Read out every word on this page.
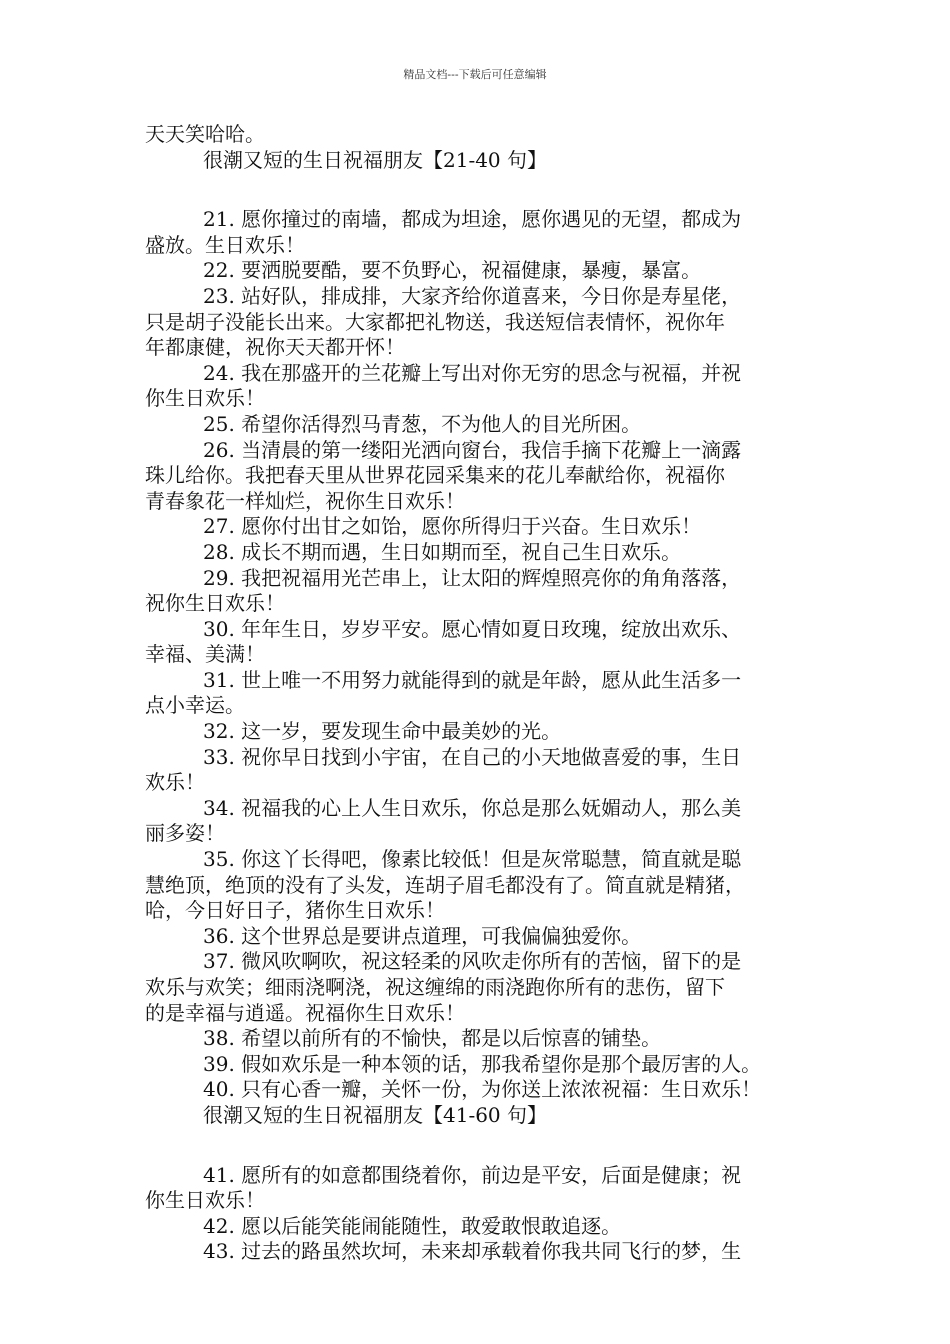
精品文档---下载后可任意编辑
天天笑哈哈。
很潮又短的生日祝福朋友【21-40 句】
21. 愿你撞过的南墙，都成为坦途，愿你遇见的无望，都成为
盛放。生日欢乐！
22. 要洒脱要酷，要不负野心，祝福健康，暴瘦，暴富。
23. 站好队，排成排，大家齐给你道喜来，今日你是寿星佬，
只是胡子没能长出来。大家都把礼物送，我送短信表情怀，祝你年
年都康健，祝你天天都开怀！
24. 我在那盛开的兰花瓣上写出对你无穷的思念与祝福，并祝
你生日欢乐！
25. 希望你活得烈马青葱，不为他人的目光所困。
26. 当清晨的第一缕阳光洒向窗台，我信手摘下花瓣上一滴露
珠儿给你。我把春天里从世界花园采集来的花儿奉献给你，祝福你
青春象花一样灿烂，祝你生日欢乐！
27. 愿你付出甘之如饴，愿你所得归于兴奋。生日欢乐！
28. 成长不期而遇，生日如期而至，祝自己生日欢乐。
29. 我把祝福用光芒串上，让太阳的辉煌照亮你的角角落落，
祝你生日欢乐！
30. 年年生日，岁岁平安。愿心情如夏日玫瑰，绽放出欢乐、
幸福、美满！
31. 世上唯一不用努力就能得到的就是年龄，愿从此生活多一
点小幸运。
32. 这一岁，要发现生命中最美妙的光。
33. 祝你早日找到小宇宙，在自己的小天地做喜爱的事，生日
欢乐！
34. 祝福我的心上人生日欢乐，你总是那么妩媚动人，那么美
丽多姿！
35. 你这丫长得吧，像素比较低！但是灰常聪慧，简直就是聪
慧绝顶，绝顶的没有了头发，连胡子眉毛都没有了。简直就是精猪，
哈，今日好日子，猪你生日欢乐！
36. 这个世界总是要讲点道理，可我偏偏独爱你。
37. 微风吹啊吹，祝这轻柔的风吹走你所有的苦恼，留下的是
欢乐与欢笑；细雨浇啊浇，祝这缠绵的雨浇跑你所有的悲伤，留下
的是幸福与逍遥。祝福你生日欢乐！
38. 希望以前所有的不愉快，都是以后惊喜的铺垫。
39. 假如欢乐是一种本领的话，那我希望你是那个最厉害的人。
40. 只有心香一瓣，关怀一份，为你送上浓浓祝福：生日欢乐！
很潮又短的生日祝福朋友【41-60 句】
41. 愿所有的如意都围绕着你，前边是平安，后面是健康；祝
你生日欢乐！
42. 愿以后能笑能闹能随性，敢爱敢恨敢追逐。
43. 过去的路虽然坎坷，未来却承载着你我共同飞行的梦，生
